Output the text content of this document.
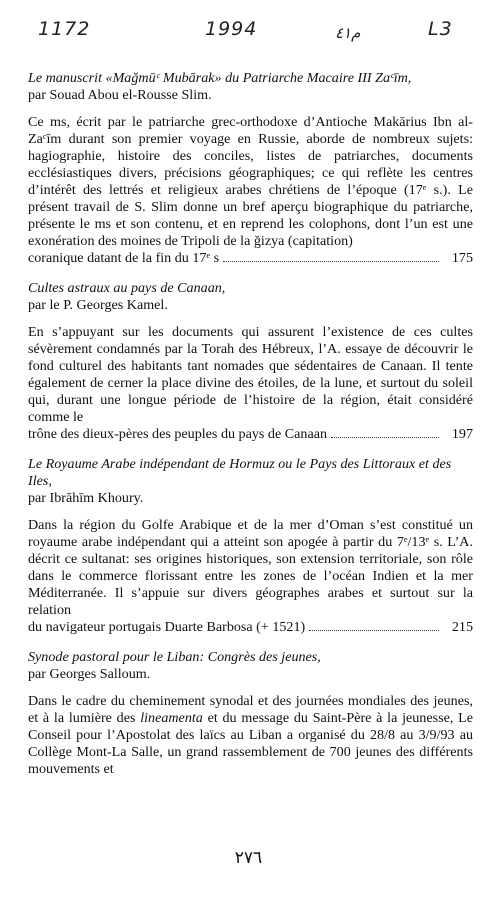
1172	1994	م٤١	L3
Le manuscrit «Mağmūᶜ Mubārak» du Patriarche Macaire III Zaᶜīm,
par Souad Abou el-Rousse Slim.
Ce ms, écrit par le patriarche grec-orthodoxe d’Antioche Makārius Ibn al-Zaᶜīm durant son premier voyage en Russie, aborde de nombreux sujets: hagiographie, histoire des conciles, listes de patriarches, documents ecclésiastiques divers, précisions géographiques; ce qui reflète les centres d’intérêt des lettrés et religieux arabes chrétiens de l’époque (17ᵉ s.). Le présent travail de S. Slim donne un bref aperçu biographique du patriarche, présente le ms et son contenu, et en reprend les colophons, dont l’un est une exonération des moines de Tripoli de la ğizya (capitation)
coranique datant de la fin du 17ᵉ s	175
Cultes astraux au pays de Canaan,
par le P. Georges Kamel.
En s’appuyant sur les documents qui assurent l’existence de ces cultes sévèrement condamnés par la Torah des Hébreux, l’A. essaye de découvrir le fond culturel des habitants tant nomades que sédentaires de Canaan. Il tente également de cerner la place divine des étoiles, de la lune, et surtout du soleil qui, durant une longue période de l’histoire de la région, était considéré comme le
trône des dieux-pères des peuples du pays de Canaan	197
Le Royaume Arabe indépendant de Hormuz ou le Pays des Littoraux et des Iles,
par Ibrāhīm Khoury.
Dans la région du Golfe Arabique et de la mer d’Oman s’est constitué un royaume arabe indépendant qui a atteint son apogée à partir du 7ᵉ/13ᵉ s. L’A. décrit ce sultanat: ses origines historiques, son extension territoriale, son rôle dans le commerce florissant entre les zones de l’océan Indien et la mer Méditerranée. Il s’appuie sur divers géographes arabes et surtout sur la relation
du navigateur portugais Duarte Barbosa (+ 1521)	215
Synode pastoral pour le Liban: Congrès des jeunes,
par Georges Salloum.
Dans le cadre du cheminement synodal et des journées mondiales des jeunes, et à la lumière des lineamenta et du message du Saint-Père à la jeunesse, Le Conseil pour l’Apostolat des laïcs au Liban a organisé du 28/8 au 3/9/93 au Collège Mont-La Salle, un grand rassemblement de 700 jeunes des différents mouvements et
٢٧٦
